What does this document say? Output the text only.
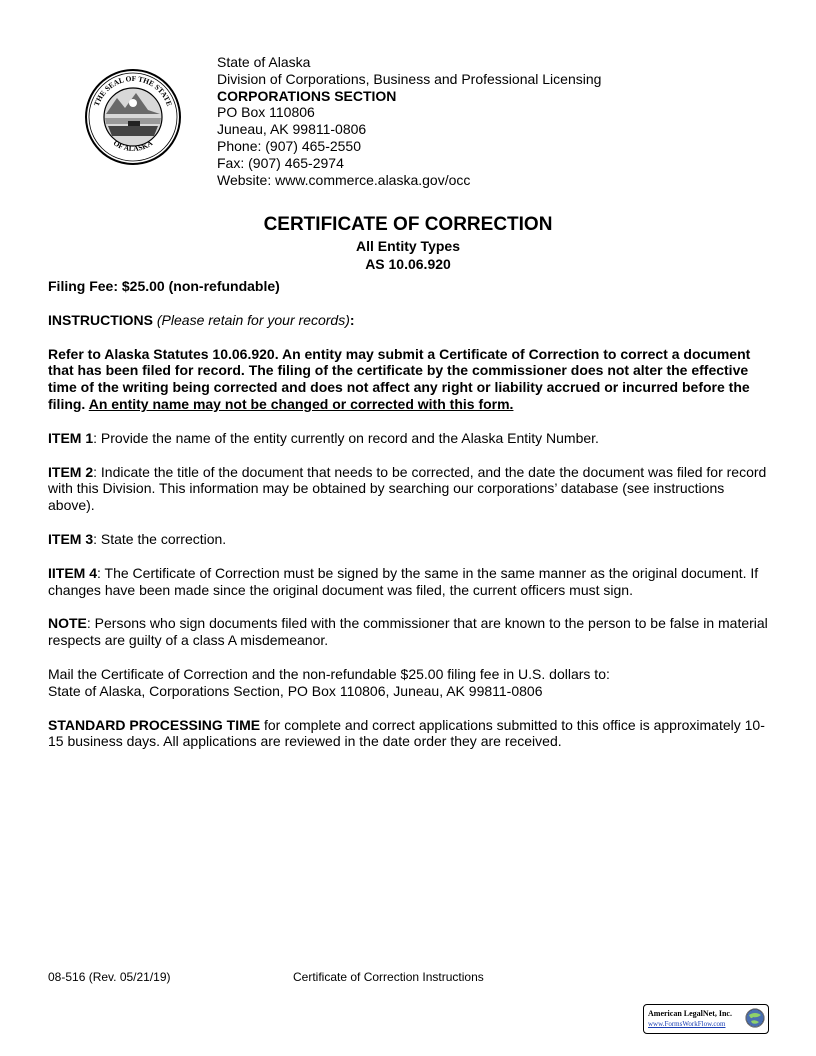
THE SEAL OF THE STATE
OF ALASKA
State of Alaska
Division of Corporations, Business and Professional Licensing
CORPORATIONS SECTION
PO Box 110806
Juneau, AK 99811-0806
Phone: (907) 465-2550
Fax: (907) 465-2974
Website: www.commerce.alaska.gov/occ
CERTIFICATE OF CORRECTION
All Entity Types
AS 10.06.920

Filing Fee: $25.00 (non-refundable)

INSTRUCTIONS (Please retain for your records):

Refer to Alaska Statutes 10.06.920. An entity may submit a Certificate of Correction to correct a document that has been filed for record. The filing of the certificate by the commissioner does not alter the effective time of the writing being corrected and does not affect any right or liability accrued or incurred before the filing. An entity name may not be changed or corrected with this form.

ITEM 1: Provide the name of the entity currently on record and the Alaska Entity Number.

ITEM 2: Indicate the title of the document that needs to be corrected, and the date the document was filed for record with this Division. This information may be obtained by searching our corporations’ database (see instructions above).

ITEM 3: State the correction.

IITEM 4: The Certificate of Correction must be signed by the same in the same manner as the original document. If changes have been made since the original document was filed, the current officers must sign.

NOTE: Persons who sign documents filed with the commissioner that are known to the person to be false in material respects are guilty of a class A misdemeanor.

Mail the Certificate of Correction and the non-refundable $25.00 filing fee in U.S. dollars to:
State of Alaska, Corporations Section, PO Box 110806, Juneau, AK 99811-0806

STANDARD PROCESSING TIME for complete and correct applications submitted to this office is approximately 10-15 business days. All applications are reviewed in the date order they are received.

08-516 (Rev. 05/21/19)	Certificate of Correction Instructions
American LegalNet, Inc.
www.FormsWorkFlow.com
